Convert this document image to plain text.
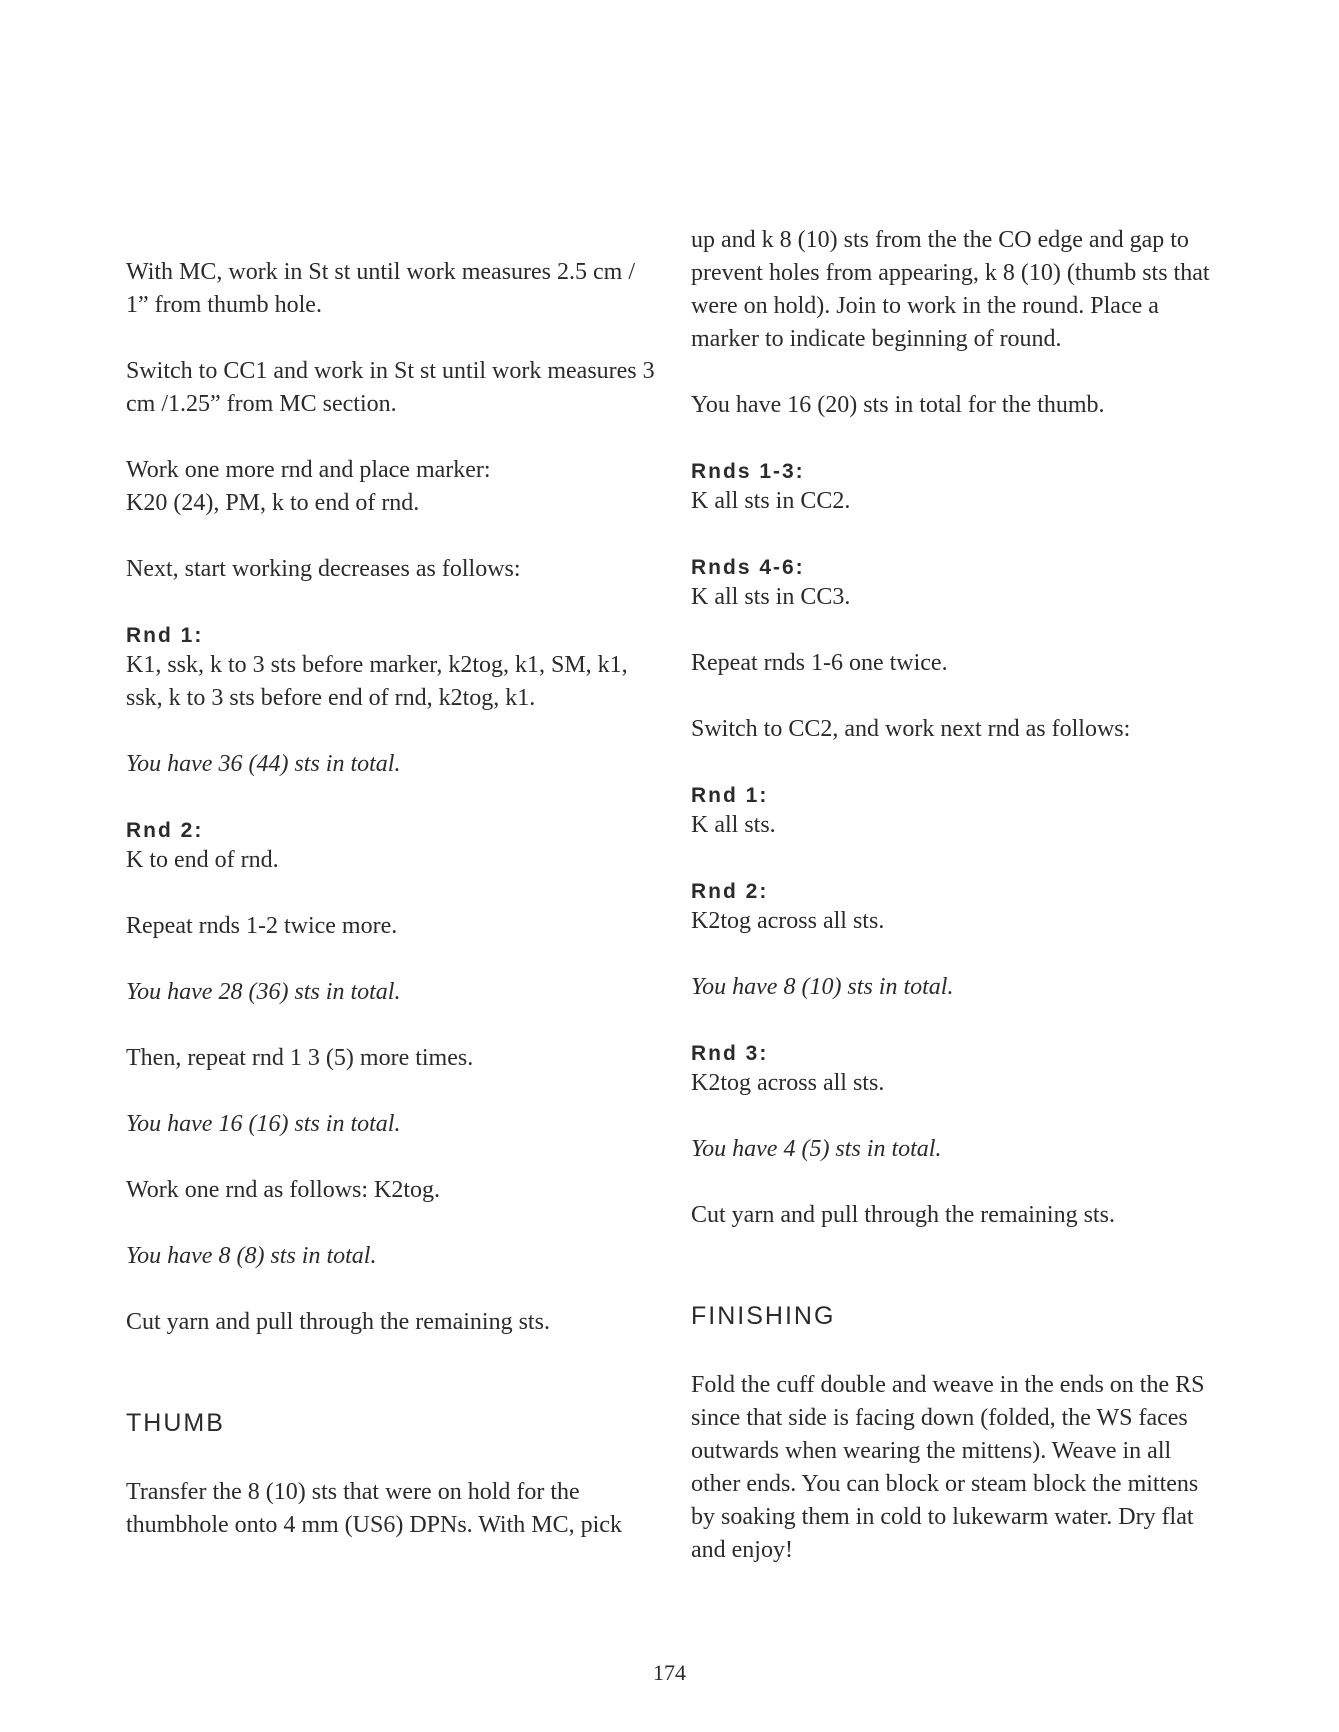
With MC, work in St st until work measures 2.5 cm / 1” from thumb hole.

Switch to CC1 and work in St st until work measures 3 cm /1.25” from MC section.

Work one more rnd and place marker:
K20 (24), PM, k to end of rnd.

Next, start working decreases as follows:

Rnd 1:

K1, ssk, k to 3 sts before marker, k2tog, k1, SM, k1, ssk, k to 3 sts before end of rnd, k2tog, k1.

You have 36 (44) sts in total.

Rnd 2:

K to end of rnd.

Repeat rnds 1-2 twice more.

You have 28 (36) sts in total.

Then, repeat rnd 1 3 (5) more times.

You have 16 (16) sts in total.

Work one rnd as follows: K2tog.

You have 8 (8) sts in total.

Cut yarn and pull through the remaining sts.

THUMB

Transfer the 8 (10) sts that were on hold for the thumbhole onto 4 mm (US6) DPNs. With MC, pick

up and k 8 (10) sts from the the CO edge and gap to prevent holes from appearing, k 8 (10) (thumb sts that were on hold). Join to work in the round. Place a marker to indicate beginning of round.

You have 16 (20) sts in total for the thumb.

Rnds 1-3:

K all sts in CC2.

Rnds 4-6:

K all sts in CC3.

Repeat rnds 1-6 one twice.

Switch to CC2, and work next rnd as follows:

Rnd 1:

K all sts.

Rnd 2:

K2tog across all sts.

You have 8 (10) sts in total.

Rnd 3:

K2tog across all sts.

You have 4 (5) sts in total.

Cut yarn and pull through the remaining sts.

FINISHING

Fold the cuff double and weave in the ends on the RS since that side is facing down (folded, the WS faces outwards when wearing the mittens). Weave in all other ends. You can block or steam block the mittens by soaking them in cold to lukewarm water. Dry flat and enjoy!

174
